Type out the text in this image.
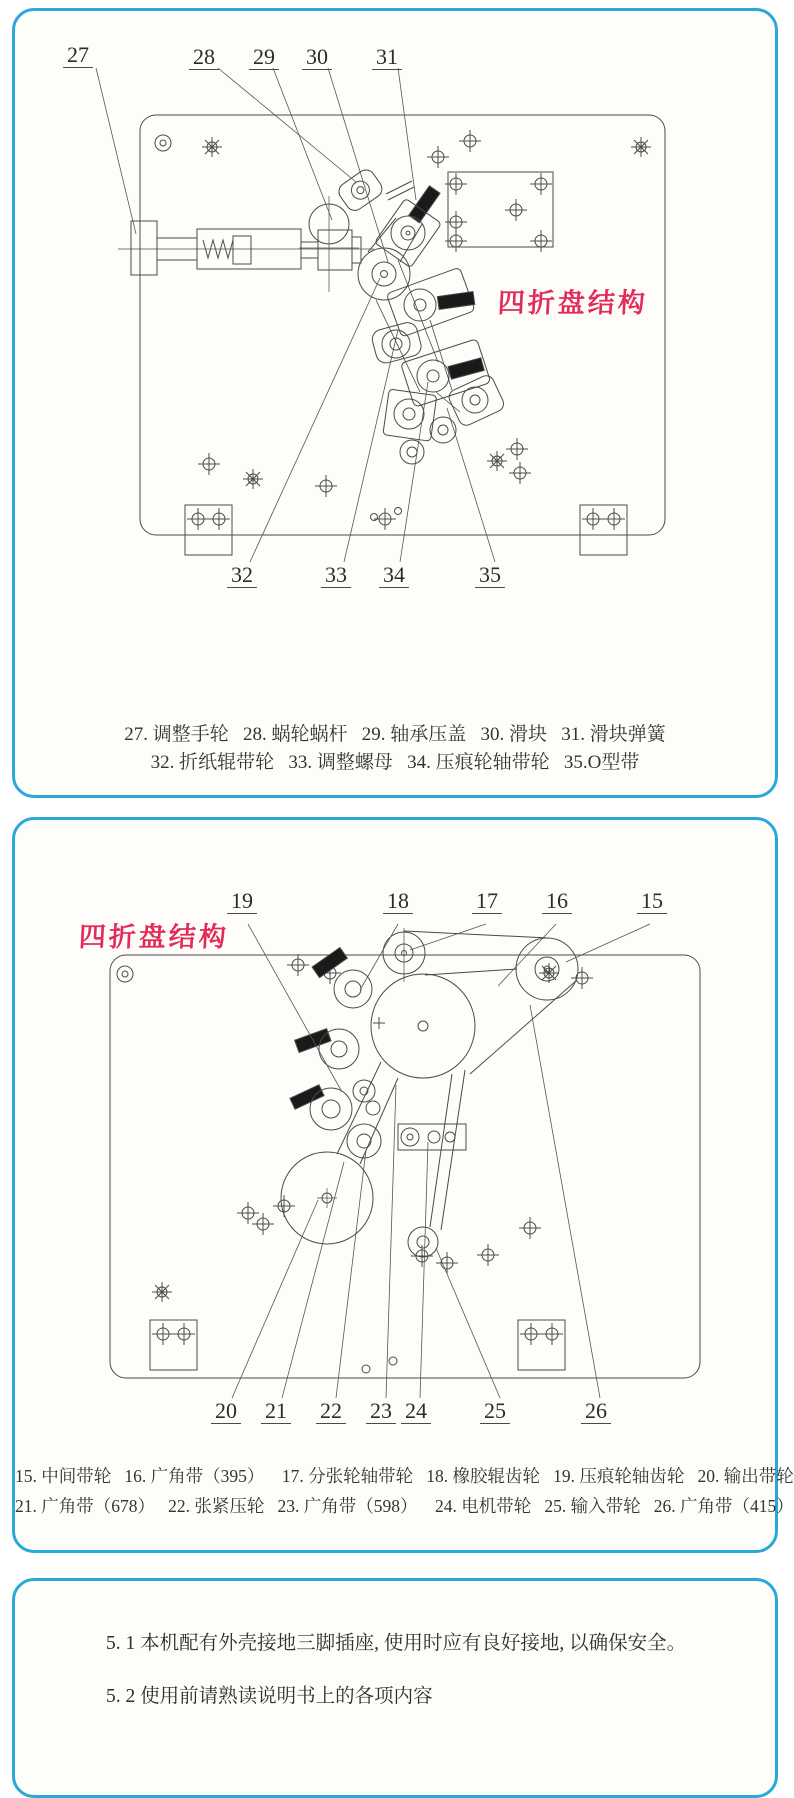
27	28 29 30 31
32	33 34	35
四折盘结构
27. 调整手轮   28. 蜗轮蜗杆   29. 轴承压盖   30. 滑块   31. 滑块弹簧
32. 折纸辊带轮   33. 调整螺母   34. 压痕轮轴带轮   35.O型带
四折盘结构
19	18	17 16	15
20 21 22 23 24	25	26
15. 中间带轮   16. 广角带（395）    17. 分张轮轴带轮   18. 橡胶辊齿轮   19. 压痕轮轴齿轮   20. 输出带轮
21. 广角带（678）   22. 张紧压轮   23. 广角带（598）    24. 电机带轮   25. 输入带轮   26. 广角带（415）
5. 1 本机配有外壳接地三脚插座, 使用时应有良好接地, 以确保安全。
5. 2 使用前请熟读说明书上的各项内容
